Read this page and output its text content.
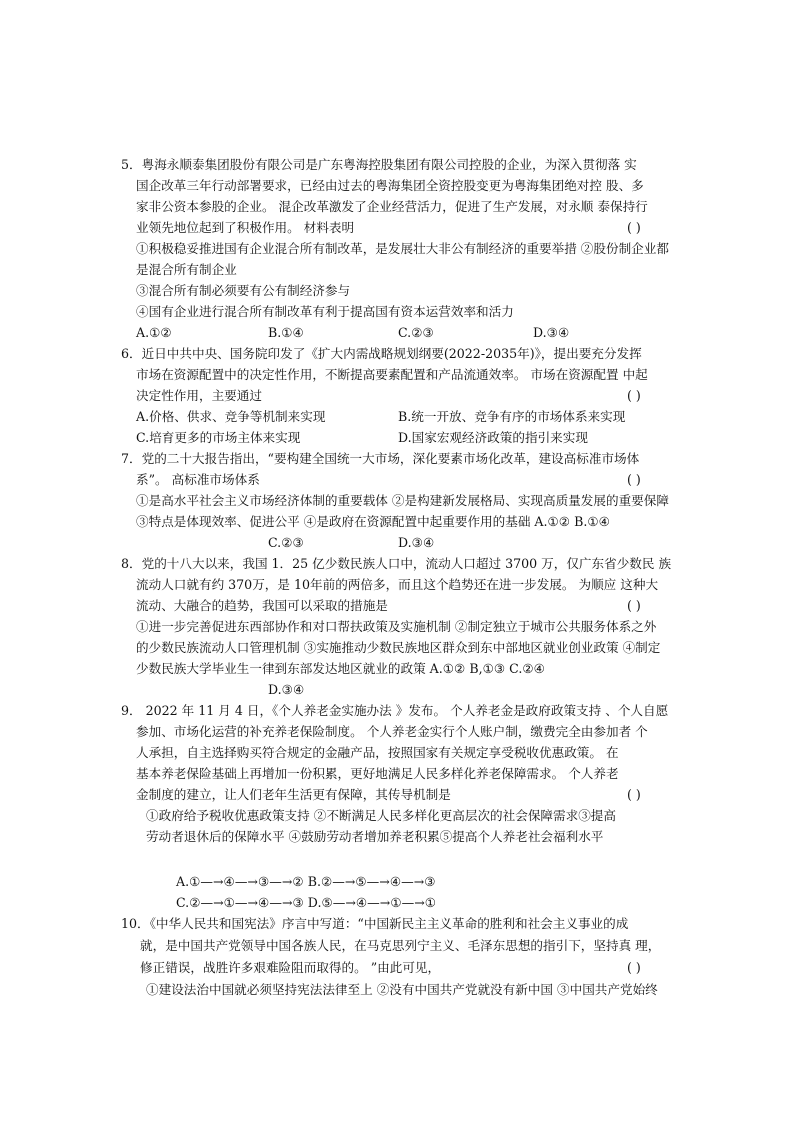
5．粤海永顺泰集团股份有限公司是广东粤海控股集团有限公司控股的企业，为深入贯彻落 实
国企改革三年行动部署要求，已经由过去的粤海集团全资控股变更为粤海集团绝对控 股、多
家非公资本参股的企业。 混企改革激发了企业经营活力，促进了生产发展，对永顺 泰保持行
业领先地位起到了积极作用。 材料表明	( )
①积极稳妥推进国有企业混合所有制改革，是发展壮大非公有制经济的重要举措 ②股份制企业都
是混合所有制企业
③混合所有制必须要有公有制经济参与
④国有企业进行混合所有制改革有利于提高国有资本运营效率和活力
A.①②	B.①④	C.②③	D.③④
6．近日中共中央、国务院印发了《扩大内需战略规划纲要(2022-2035年)》，提出要充分发挥
市场在资源配置中的决定性作用，不断提高要素配置和产品流通效率。 市场在资源配置 中起
决定性作用，主要通过	( )
A.价格、供求、竞争等机制来实现	B.统一开放、竞争有序的市场体系来实现
C.培育更多的市场主体来实现	D.国家宏观经济政策的指引来实现
7．党的二十大报告指出，“要构建全国统一大市场，深化要素市场化改革，建设高标准市场体
系”。 高标准市场体系	( )
①是高水平社会主义市场经济体制的重要载体 ②是构建新发展格局、实现高质量发展的重要保障
③特点是体现效率、促进公平 ④是政府在资源配置中起重要作用的基础 A.①② B.①④
C.②③	D.③④
8．党的十八大以来，我国 1．25 亿少数民族人口中，流动人口超过 3700 万，仅广东省少数民 族
流动人口就有约 370万，是 10年前的两倍多，而且这个趋势还在进一步发展。 为顺应 这种大
流动、大融合的趋势，我国可以采取的措施是	( )
①进一步完善促进东西部协作和对口帮扶政策及实施机制 ②制定独立于城市公共服务体系之外
的少数民族流动人口管理机制 ③实施推动少数民族地区群众到东中部地区就业创业政策 ④制定
少数民族大学毕业生一律到东部发达地区就业的政策 A.①② B,①③ C.②④
D.③④
9． 2022 年 11 月 4 日，《个人养老金实施办法 》发布。 个人养老金是政府政策支持 、个人自愿
参加、市场化运营的补充养老保险制度。 个人养老金实行个人账户制，缴费完全由参加者 个
人承担，自主选择购买符合规定的金融产品，按照国家有关规定享受税收优惠政策。 在
基本养老保险基础上再增加一份积累，更好地满足人民多样化养老保障需求。 个人养老
金制度的建立，让人们老年生活更有保障，其传导机制是	( )
①政府给予税收优惠政策支持 ②不断满足人民多样化更高层次的社会保障需求③提高
劳动者退休后的保障水平 ④鼓励劳动者增加养老积累⑤提高个人养老社会福利水平
A.①—→④—→③—→② B.②—→⑤—→④—→③
C.②—→①—→④—→③ D.⑤—→④—→①—→①
10．《中华人民共和国宪法》序言中写道：“中国新民主主义革命的胜利和社会主义事业的成
就，是中国共产党领导中国各族人民，在马克思列宁主义、毛泽东思想的指引下，坚持真 理，
修正错误，战胜许多艰难险阻而取得的。 ”由此可见，	( )
①建设法治中国就必须坚持宪法法律至上 ②没有中国共产党就没有新中国 ③中国共产党始终
